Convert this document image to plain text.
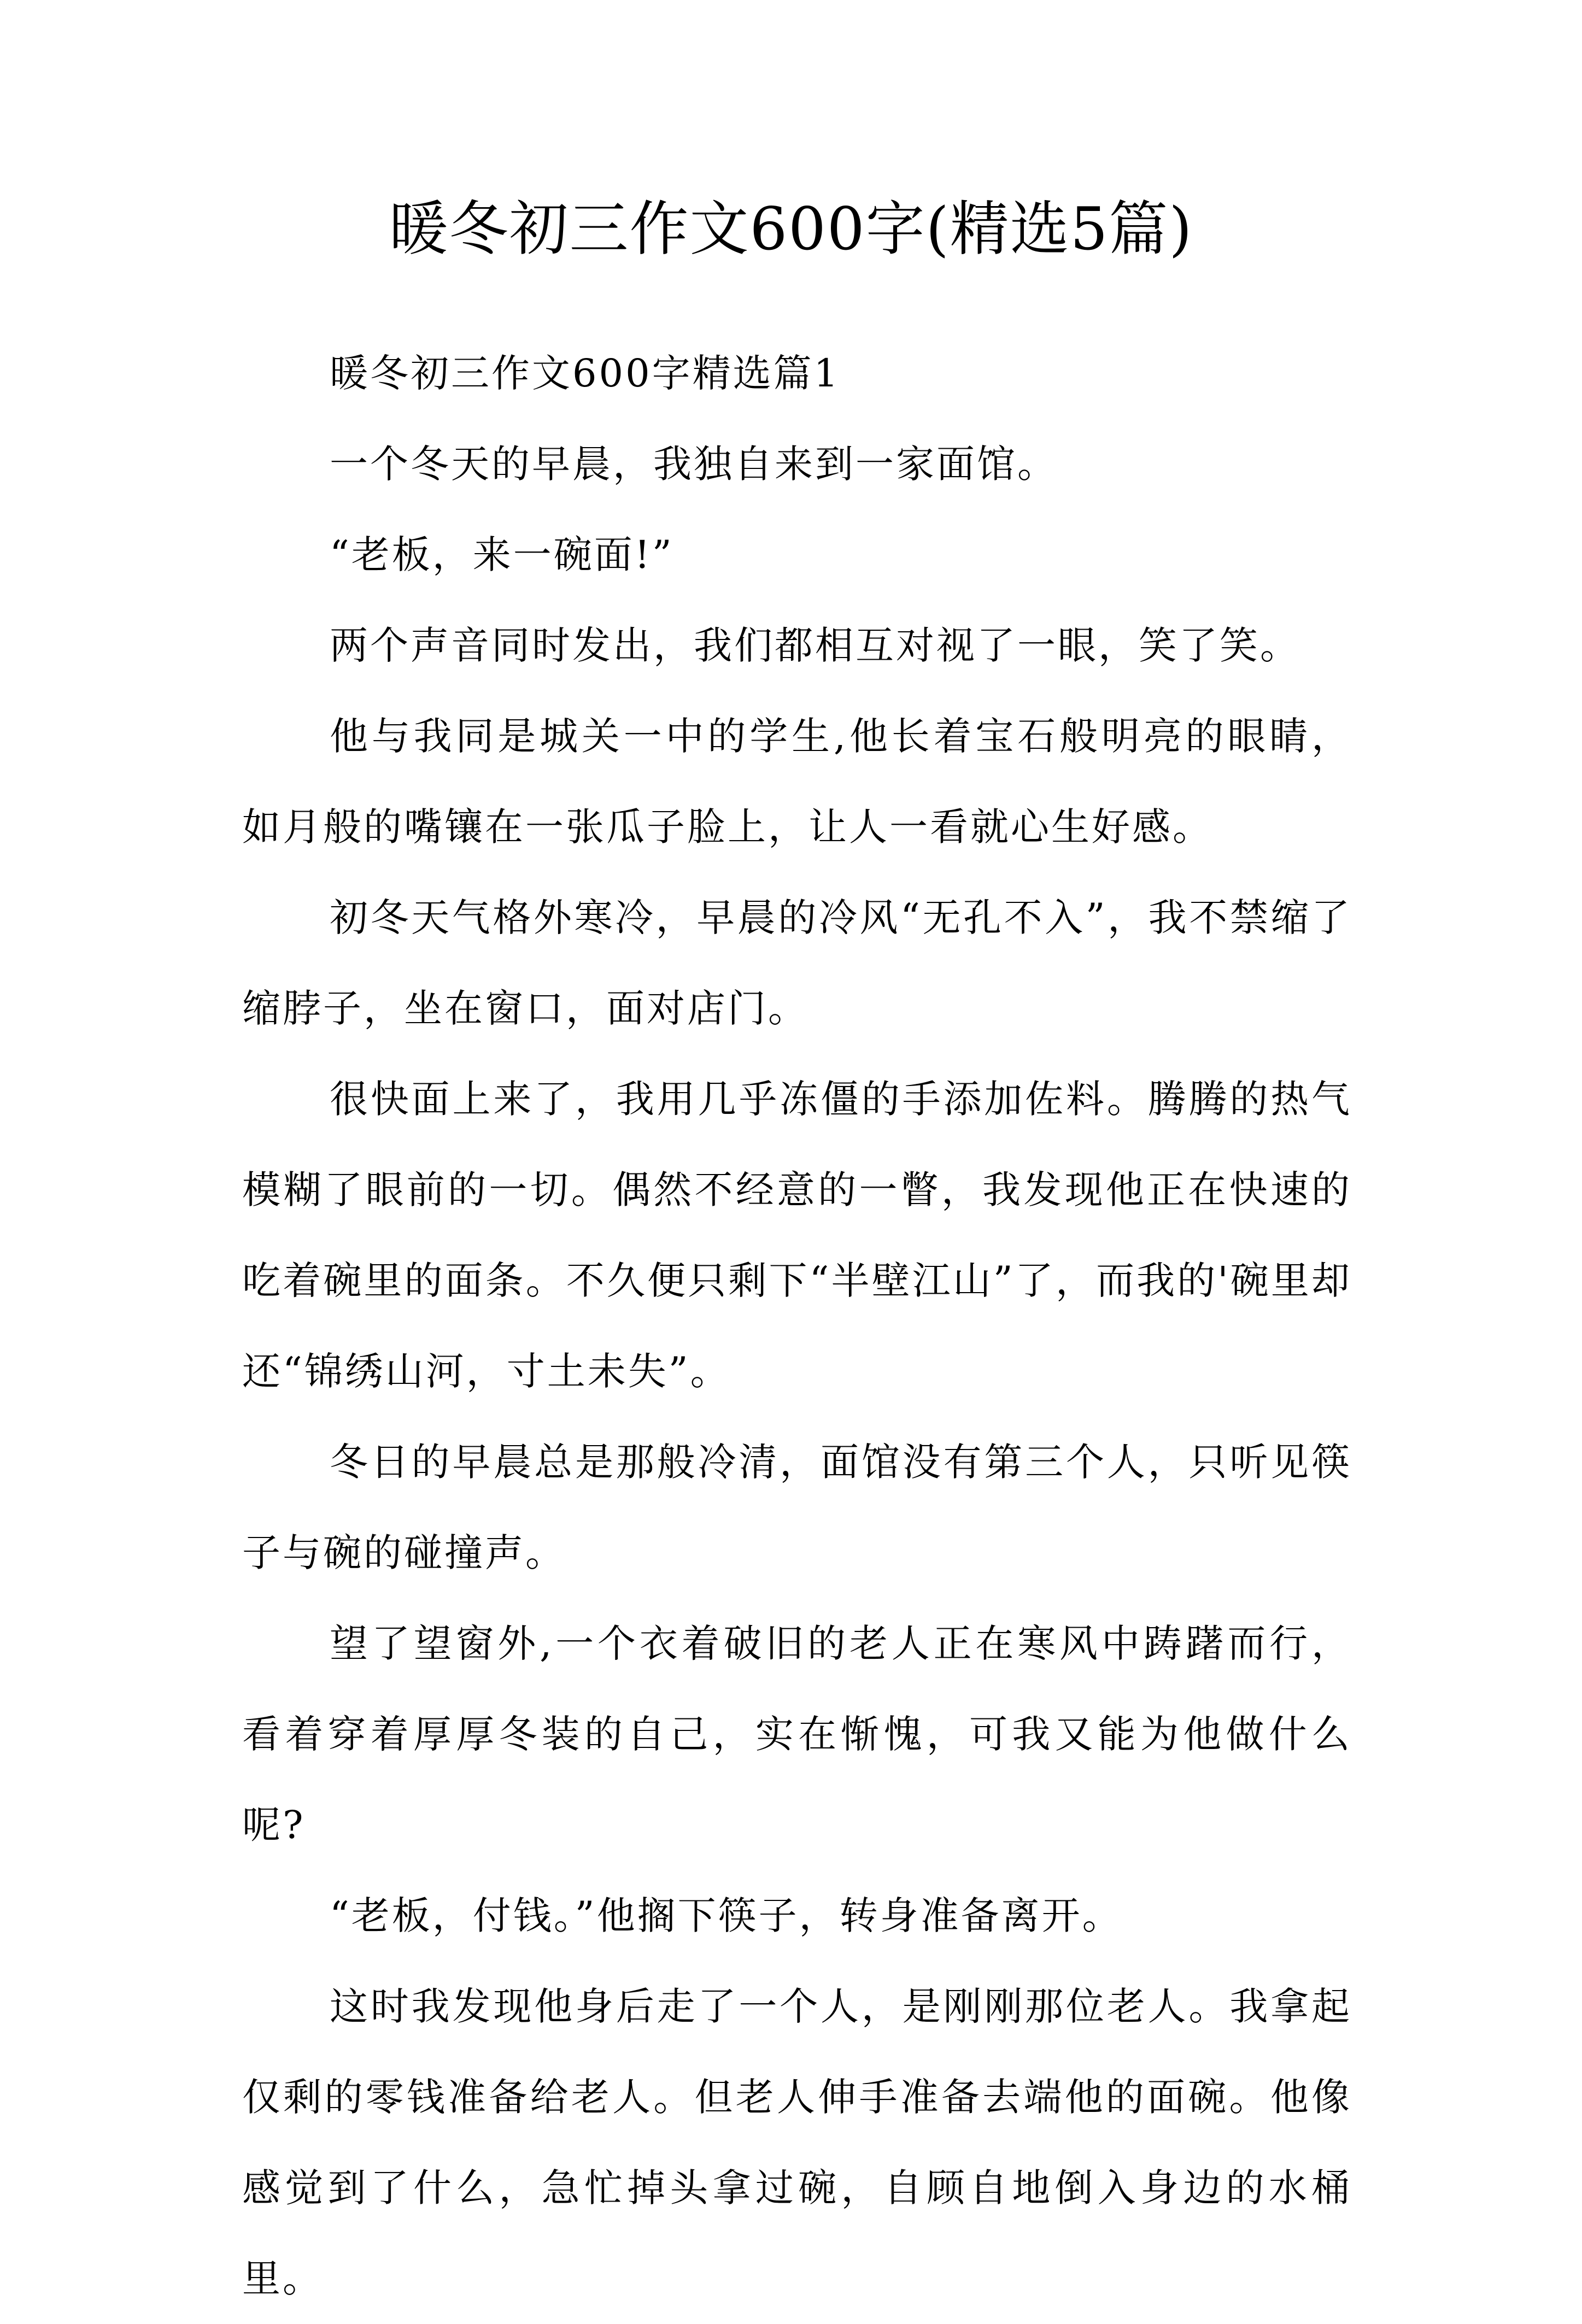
暖冬初三作文600字(精选5篇)

暖冬初三作文600字精选篇1

一个冬天的早晨，我独自来到一家面馆。

“老板，来一碗面!”

两个声音同时发出，我们都相互对视了一眼，笑了笑。

他与我同是城关一中的学生,他长着宝石般明亮的眼睛，如月般的嘴镶在一张瓜子脸上，让人一看就心生好感。

初冬天气格外寒冷，早晨的冷风“无孔不入”，我不禁缩了缩脖子，坐在窗口，面对店门。

很快面上来了，我用几乎冻僵的手添加佐料。腾腾的热气模糊了眼前的一切。偶然不经意的一瞥，我发现他正在快速的吃着碗里的面条。不久便只剩下“半壁江山”了，而我的'碗里却还“锦绣山河，寸土未失”。

冬日的早晨总是那般冷清，面馆没有第三个人，只听见筷子与碗的碰撞声。

望了望窗外,一个衣着破旧的老人正在寒风中踌躇而行，看着穿着厚厚冬装的自己，实在惭愧，可我又能为他做什么呢?

“老板，付钱。”他搁下筷子，转身准备离开。

这时我发现他身后走了一个人，是刚刚那位老人。我拿起仅剩的零钱准备给老人。但老人伸手准备去端他的面碗。他像感觉到了什么，急忙掉头拿过碗，自顾自地倒入身边的水桶里。
